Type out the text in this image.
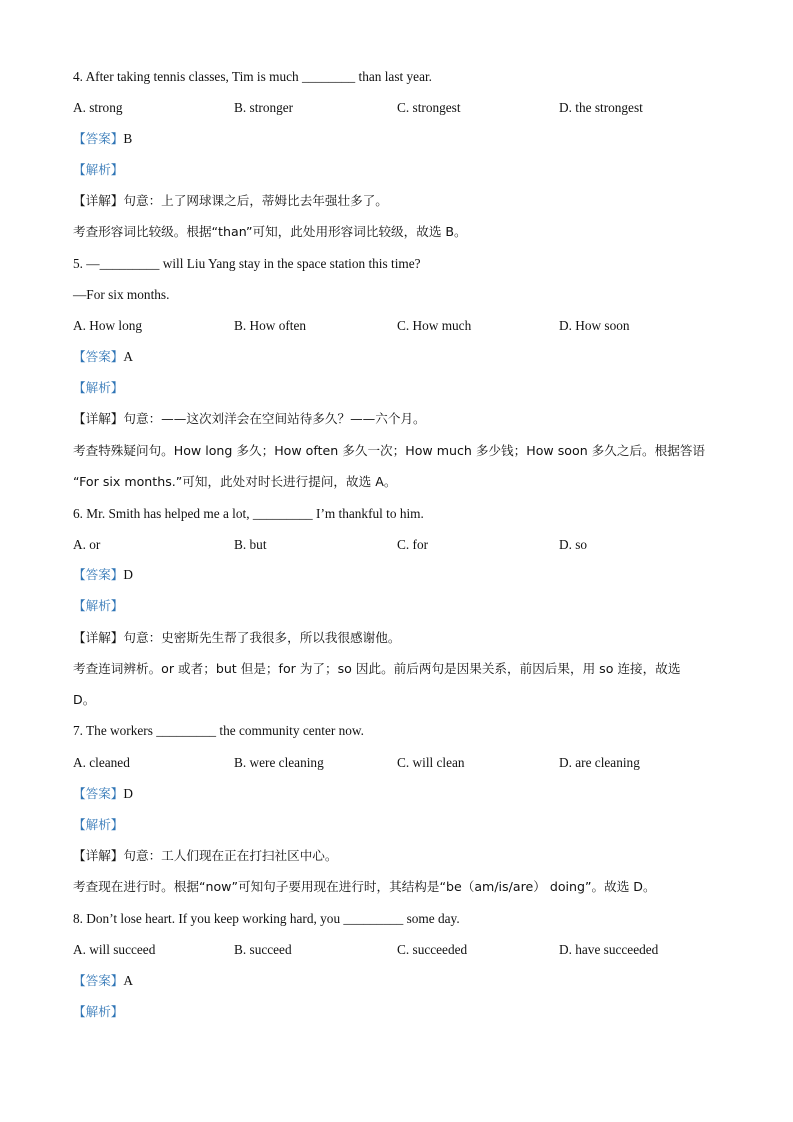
4. After taking tennis classes, Tim is much ________ than last year.
A. strong	B. stronger	C. strongest	D. the strongest
【答案】B
【解析】
【详解】句意：上了网球课之后，蒂姆比去年强壮多了。
考查形容词比较级。根据“than”可知，此处用形容词比较级，故选 B。
5. —_________ will Liu Yang stay in the space station this time?
—For six months.
A. How long	B. How often	C. How much	D. How soon
【答案】A
【解析】
【详解】句意：——这次刘洋会在空间站待多久？——六个月。
考查特殊疑问句。How long 多久；How often 多久一次；How much 多少钱；How soon 多久之后。根据答语
“For six months.”可知，此处对时长进行提问，故选 A。
6. Mr. Smith has helped me a lot, _________ I’m thankful to him.
A. or	B. but	C. for	D. so
【答案】D
【解析】
【详解】句意：史密斯先生帮了我很多，所以我很感谢他。
考查连词辨析。or 或者；but 但是；for 为了；so 因此。前后两句是因果关系，前因后果，用 so 连接，故选
D。
7. The workers _________ the community center now.
A. cleaned	B. were cleaning	C. will clean	D. are cleaning
【答案】D
【解析】
【详解】句意：工人们现在正在打扫社区中心。
考查现在进行时。根据“now”可知句子要用现在进行时，其结构是“be（am/is/are） doing”。故选 D。
8. Don’t lose heart. If you keep working hard, you _________ some day.
A. will succeed	B. succeed	C. succeeded	D. have succeeded
【答案】A
【解析】
